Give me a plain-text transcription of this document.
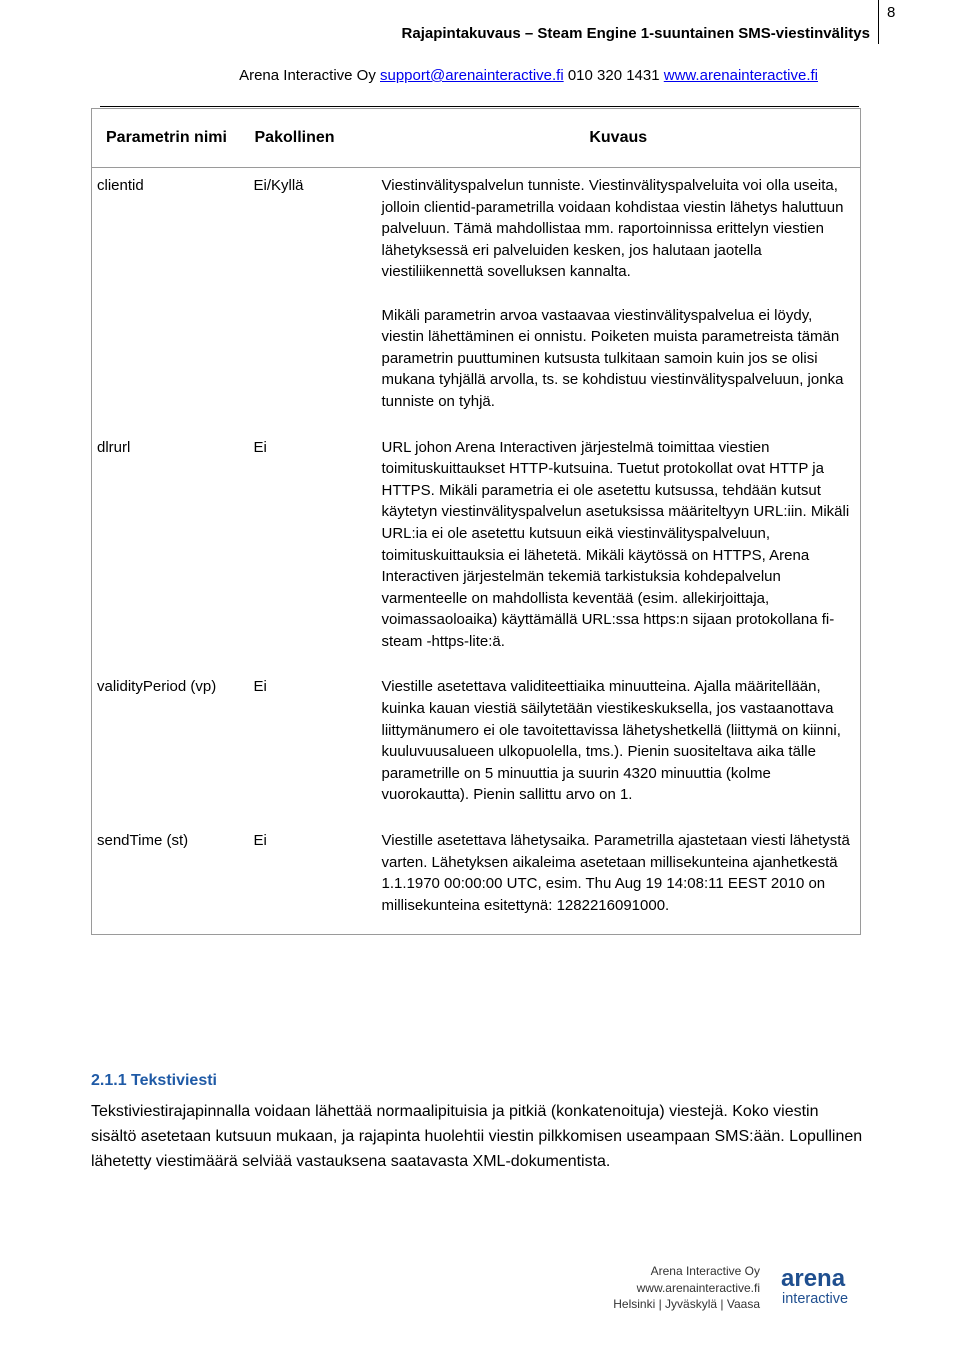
8
Rajapintakuvaus – Steam Engine 1-suuntainen SMS-viestinvälitys
Arena Interactive Oy support@arenainteractive.fi 010 320 1431 www.arenainteractive.fi
Parametrin nimi	Pakollinen	Kuvaus
clientid	Ei/Kyllä	Viestinvälityspalvelun tunniste. Viestinvälityspalveluita voi olla useita, jolloin clientid-parametrilla voidaan kohdistaa viestin lähetys haluttuun palveluun. Tämä mahdollistaa mm. raportoinnissa erittelyn viestien lähetyksessä eri palveluiden kesken, jos halutaan jaotella viestiliikennettä sovelluksen kannalta.

Mikäli parametrin arvoa vastaavaa viestinvälityspalvelua ei löydy, viestin lähettäminen ei onnistu. Poiketen muista parametreista tämän parametrin puuttuminen kutsusta tulkitaan samoin kuin jos se olisi mukana tyhjällä arvolla, ts. se kohdistuu viestinvälityspalveluun, jonka tunniste on tyhjä.

dlrurl	Ei	URL johon Arena Interactiven järjestelmä toimittaa viestien toimituskuittaukset HTTP-kutsuina. Tuetut protokollat ovat HTTP ja HTTPS. Mikäli parametria ei ole asetettu kutsussa, tehdään kutsut käytetyn viestinvälityspalvelun asetuksissa määriteltyyn URL:iin. Mikäli URL:ia ei ole asetettu kutsuun eikä viestinvälityspalveluun, toimituskuittauksia ei lähetetä. Mikäli käytössä on HTTPS, Arena Interactiven järjestelmän tekemiä tarkistuksia kohdepalvelun varmenteelle on mahdollista keventää (esim. allekirjoittaja, voimassaoloaika) käyttämällä URL:ssa https:n sijaan protokollana fi-steam -https-lite:ä.

validityPeriod (vp)	Ei	Viestille asetettava validiteettiaika minuutteina. Ajalla määritellään, kuinka kauan viestiä säilytetään viestikeskuksella, jos vastaanottava liittymänumero ei ole tavoitettavissa lähetyshetkellä (liittymä on kiinni, kuuluvuusalueen ulkopuolella, tms.). Pienin suositeltava aika tälle parametrille on 5 minuuttia ja suurin 4320 minuuttia (kolme vuorokautta). Pienin sallittu arvo on 1.

sendTime (st)	Ei	Viestille asetettava lähetysaika. Parametrilla ajastetaan viesti lähetystä varten. Lähetyksen aikaleima asetetaan millisekunteina ajanhetkestä 1.1.1970 00:00:00 UTC, esim. Thu Aug 19 14:08:11 EEST 2010 on millisekunteina esitettynä: 1282216091000.

2.1.1 Tekstiviesti

Tekstiviestirajapinnalla voidaan lähettää normaalipituisia ja pitkiä (konkatenoituja) viestejä. Koko viestin sisältö asetetaan kutsuun mukaan, ja rajapinta huolehtii viestin pilkkomisen useampaan SMS:ään. Lopullinen lähetetty viestimäärä selviää vastauksena saatavasta XML-dokumentista.

Arena Interactive Oy
www.arenainteractive.fi
Helsinki | Jyväskylä | Vaasa
arena
interactive
